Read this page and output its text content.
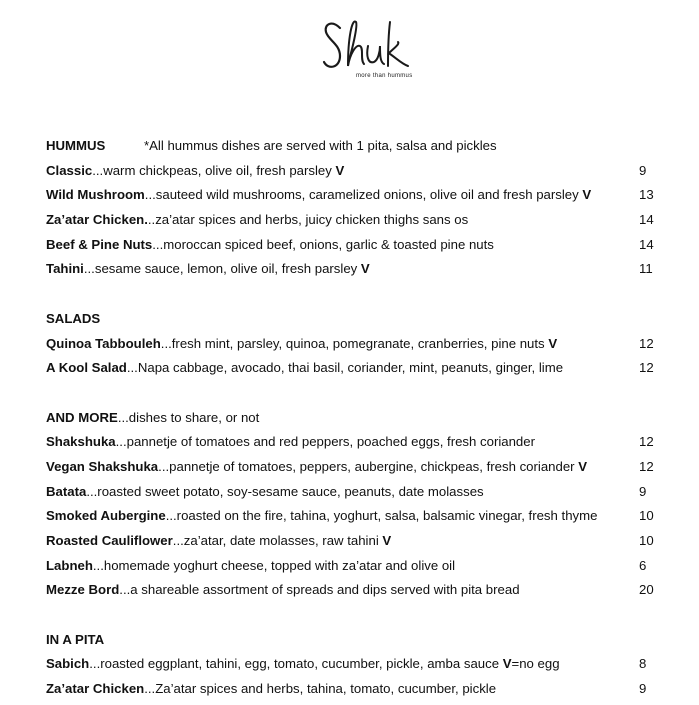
more than hummus
HUMMUS	*All hummus dishes are served with 1 pita, salsa and pickles
Classic...warm chickpeas, olive oil, fresh parsley V	9
Wild Mushroom...sauteed wild mushrooms, caramelized onions, olive oil and fresh parsley V	13
Za’atar Chicken...za’atar spices and herbs, juicy chicken thighs sans os	14
Beef & Pine Nuts...moroccan spiced beef, onions, garlic & toasted pine nuts	14
Tahini...sesame sauce, lemon, olive oil, fresh parsley V	11
SALADS
Quinoa Tabbouleh...fresh mint, parsley, quinoa, pomegranate, cranberries, pine nuts V	12
A Kool Salad...Napa cabbage, avocado, thai basil, coriander, mint, peanuts, ginger, lime	12
AND MORE...dishes to share, or not
Shakshuka...pannetje of tomatoes and red peppers, poached eggs, fresh coriander	12
Vegan Shakshuka...pannetje of tomatoes, peppers, aubergine, chickpeas, fresh coriander V	12
Batata...roasted sweet potato, soy-sesame sauce, peanuts, date molasses	9
Smoked Aubergine...roasted on the fire, tahina, yoghurt, salsa, balsamic vinegar, fresh thyme	10
Roasted Cauliflower...za’atar, date molasses, raw tahini V	10
Labneh...homemade yoghurt cheese, topped with za’atar and olive oil	6
Mezze Bord...a shareable assortment of spreads and dips served with pita bread	20
IN A PITA
Sabich...roasted eggplant, tahini, egg, tomato, cucumber, pickle, amba sauce V=no egg	8
Za’atar Chicken...Za’atar spices and herbs, tahina, tomato, cucumber, pickle	9
